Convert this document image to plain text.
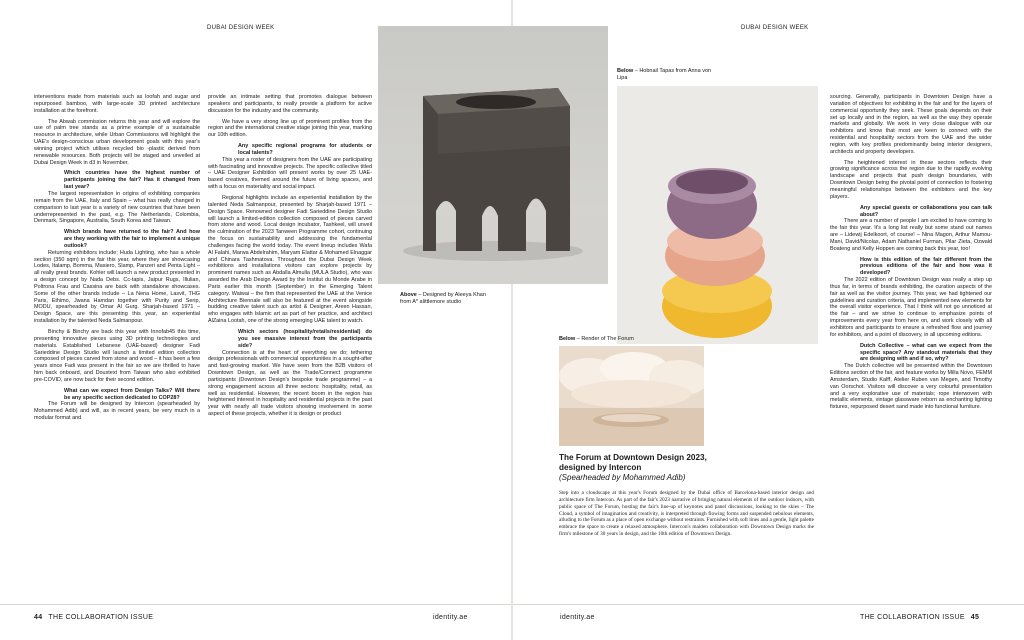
DUBAI DESIGN WEEK	DUBAI DESIGN WEEK

interventions made from materials such as loofah and sugar and repurposed bamboo, with large-scale 3D printed architecture installation at the forefront.

The Abwab commission returns this year and will explore the use of palm tree stands as a prime example of a sustainable resource in architecture, while Urban Commissions will highlight the UAE's design-conscious urban development goals with this year's winning project which utilises recycled bio -plastic derived from renewable resources. Both projects will be staged and unveiled at Dubai Design Week in d3 in November.

Which countries have the highest number of participants joining the fair? Has it changed from last year?

The largest representation in origins of exhibiting companies remain from the UAE, Italy and Spain – what has really changed in comparison to last year is a variety of new countries that have been underrepresented in the past, e.g. The Netherlands, Colombia, Denmark, Singapore, Australia, South Korea and Taiwan.

Which brands have returned to the fair? And how are they working with the fair to implement a unique outlook?

Returning exhibitors include; Huda Lighting, who has a whole section (350 sqm) in the fair this year, where they are showcasing Lodes, Italamp, Bomma, Masiero, Slamp, Panzeri and Penta Light – all really great brands. Kohler will launch a new product presented in a design concept by Nada Debs. Cc-tapis, Jaipur Rugs, Illulian, Poltrona Frau and Cassina are back with standalone showcases. Some of the other brands include – La Nena Home, Lasvit, THG Paris, Ethimo, Jwana Hamdan together with Purity and Serip, MODU, spearheaded by Omar Al Gurg. Sharjah-based 1971 – Design Space, are this presenting this year, an experiential installation by the talented Neda Salmanpour.

Binchy & Binchy are back this year with Innofab45 this time, presenting innovative pieces using 3D printing technologies and materials. Established Lebanese (UAE-based) designer Fadi Sarieddine Design Studio will launch a limited edition collection composed of pieces carved from stone and wood – it has been a few years since Fadi was present in the fair so we are thrilled to have him back onboard, and Douxtext from Taiwan who also exhibited pre-COVID, are now back for their second edition.

What can we expect from Design Talks? Will there be any specific section dedicated to COP28?

The Forum will be designed by Intercon (spearheaded by Mohammed Adib) and will, as in recent years, be very much in a modular format and

provide an intimate setting that promotes dialogue between speakers and participants, to really provide a platform for active discussion for the industry and the community.

We have a very strong line up of prominent profiles from the region and the international creative stage joining this year, marking our 10th edition.

Any specific regional programs for students or local talents?

This year a roster of designers from the UAE are participating with fascinating and innovative projects. The specific collective titled – UAE Designer Exhibition will present works by over 25 UAE-based creatives, themed around the future of living spaces, and with a focus on materiality and social impact.

Regional highlights include an experiential installation by the talented Neda Salmanpour, presented by Sharjah-based 1971 – Design Space. Renowned designer Fadi Sarieddine Design Studio will launch a limited-edition collection composed of pieces carved from stone and wood. Local design incubator, Tashkeel, will unveil the culmination of the 2023 Tanween Programme cohort, continuing the focus on sustainability and addressing the fundamental challenges facing the world today. The event lineup includes Wafa Al Falahi, Marwa Abdelrahim, Maryam Elattar & Mohamed Elnaggar and Chinara Tashmatova. Throughout the Dubai Design Week exhibitions and installations visitors can explore projects by prominent names such as Abdalla Almulla (MULA Studio), who was awarded the Arab Design Award by the Institut du Monde Arabe in Paris earlier this month (September) in the Emerging Talent category. Waiwai – the firm that represented the UAE at the Venice Architecture Biennale will also be featured at the event alongside budding creative talent such as artist & Designer, Areen Hassan, who engages with Islamic art as part of her practice, and architect AlZaina Lootah, one of the strong emerging UAE talent to watch.

Which sectors (hospitality/retails/residential) do you see massive interest from the participants side?

Connection is at the heart of everything we do; tethering design professionals with commercial opportunities in a sought-after and fast-growing market. We have seen from the B2B visitors of Downtown Design, as well as the Trade/Connect programme participants (Downtown Design's bespoke trade programme) – a strong engagement across all three sectors: hospitality, retail, as well as residential. However, the recent boom in the region has heightened interest in hospitality and residential projects in the past year with nearly all trade visitors showing involvement in some aspect of these projects, whether it is design or product

Above – Designed by Aleeya Khan from A* alittlemore studio
Below – Hobnail Tapas from Anna von Lipa
Below – Render of The Forum
The Forum at Downtown Design 2023, designed by Intercon
(Spearheaded by Mohammed Adib)
Step into a cloudscape at this year's Forum designed by the Dubai office of Barcelona-based interior design and architecture firm Intercon. As part of the fair's 2023 narrative of bringing natural elements of the outdoor indoors, with public space of The Forum, hosting the fair's line-up of keynotes and panel discussions, looking to the skies – The Cloud, a symbol of imagination and creativity, is interpreted through flowing forms and suspended nebulous elements, alluding to the Forum as a place of open exchange without restraints. Furnished with soft lines and a gentle, light palette embrace the space to create a relaxed atmosphere. Intercon's maiden collaboration with Downtown Design marks the firm's milestone of 30 years in design, and the 10th edition of Downtown Design.

sourcing. Generally, participants in Downtown Design have a variation of objectives for exhibiting in the fair and for the layers of commercial opportunity they seek. These goals depends on their set up locally and in the region, as well as the way they operate markets and globally. We work in very close dialogue with our exhibitors and know that most are keen to connect with the residential and hospitality sectors from the UAE and the wider region, with key profiles predominantly being interior designers, architects and property developers.

The heightened interest in these sectors reflects their growing significance across the region due to the rapidly evolving landscape and projects that push design boundaries, with Downtown Design being the pivotal point of connection to fostering meaningful relationships between the exhibitors and the key players.

Any special guests or collaborations you can talk about?

There are a number of people I am excited to have coming to the fair this year. It's a long list really but some stand out names are – Lidewij Edelkoort, of course! – Nina Magon, Arthur Mamou-Mani, David/Nicolas, Adam Nathaniel Furman, Pilar Zieta, Ozwald Boateng and Kelly Hoppen are coming back this year, too!

How is this edition of the fair different from the previous editions of the fair and how was it developed?

The 2022 edition of Downtown Design was really a step up thus far, in terms of brands exhibiting, the curation aspects of the fair as well as the visitor journey. This year, we had tightened our guidelines and curation criteria, and implemented new elements for the overall visitor experience. That I think will not go unnoticed at the fair – and we strive to continue to emphasize points of improvements every year from here on, and work closely with all exhibitors and participants to ensure a refreshed flow and journey for exhibitors, and a point of discovery, in all upcoming editions.

Dutch Collective – what can we expect from the specific space? Any standout materials that they are designing with and if so, why?

The Dutch collective will be presented within the Downtown Editions section of the fair, and feature works by Milla Novo, FEMM Amsterdam, Studio Kalff, Atelier Ruben van Megen, and Timothy van Oorschot. Visitors will discover a very colourful presentation and a very explorative use of materials; rope interwoven with metallic elements, vintage glassware reborn as enchanting lighting fixtures, repurposed desert sand made into functional furniture.

44 THE COLLABORATION ISSUE	identity.ae	identity.ae	THE COLLABORATION ISSUE 45
